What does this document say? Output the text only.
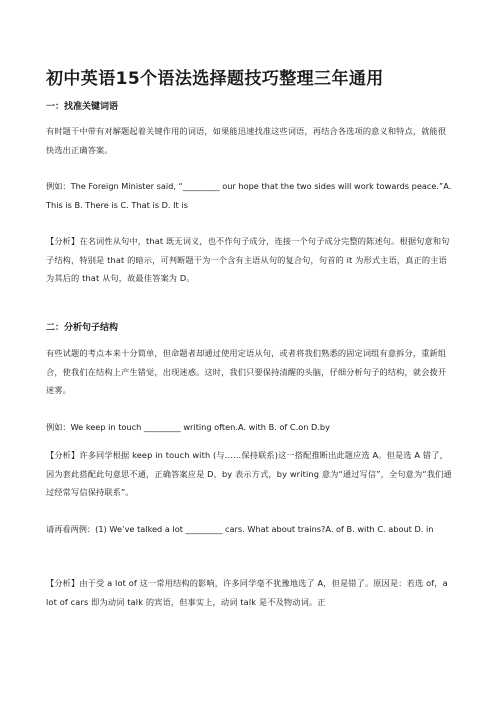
初中英语15个语法选择题技巧整理三年通用
一：找准关键词语
有时题干中带有对解题起着关键作用的词语，如果能迅速找准这些词语，再结合各选项的意义和特点，就能很快选出正确答案。
例如：The Foreign Minister said, “_________ our hope that the two sides will work towards peace.”A. This is B. There is C. That is D. It is
【分析】在名词性从句中，that 既无词义，也不作句子成分，连接一个句子成分完整的陈述句。根据句意和句子结构，特别是 that 的暗示，可判断题干为一个含有主语从句的复合句，句首的 it 为形式主语，真正的主语为其后的 that 从句，故最佳答案为 D。
二：分析句子结构
有些试题的考点本来十分简单，但命题者却通过使用定语从句，或者将我们熟悉的固定词组有意拆分，重新组合，使我们在结构上产生错觉，出现迷惑。这时，我们只要保持清醒的头脑，仔细分析句子的结构，就会拨开迷雾。
例如：We keep in touch _________ writing often.A. with B. of C.on D.by
【分析】许多同学根据 keep in touch with (与……保持联系)这一搭配推断出此题应选 A。但是选 A 错了，因为套此搭配此句意思不通，正确答案应是 D，by 表示方式，by writing 意为“通过写信”，全句意为“我们通过经常写信保持联系”。
请再看两例：(1) We’ve talked a lot _________ cars. What about trains?A. of B. with C. about D. in
【分析】由于受 a lot of 这一常用结构的影响，许多同学毫不犹豫地选了 A，但是错了。原因是：若选 of，a lot of cars 即为动词 talk 的宾语，但事实上，动词 talk 是不及物动词。正
